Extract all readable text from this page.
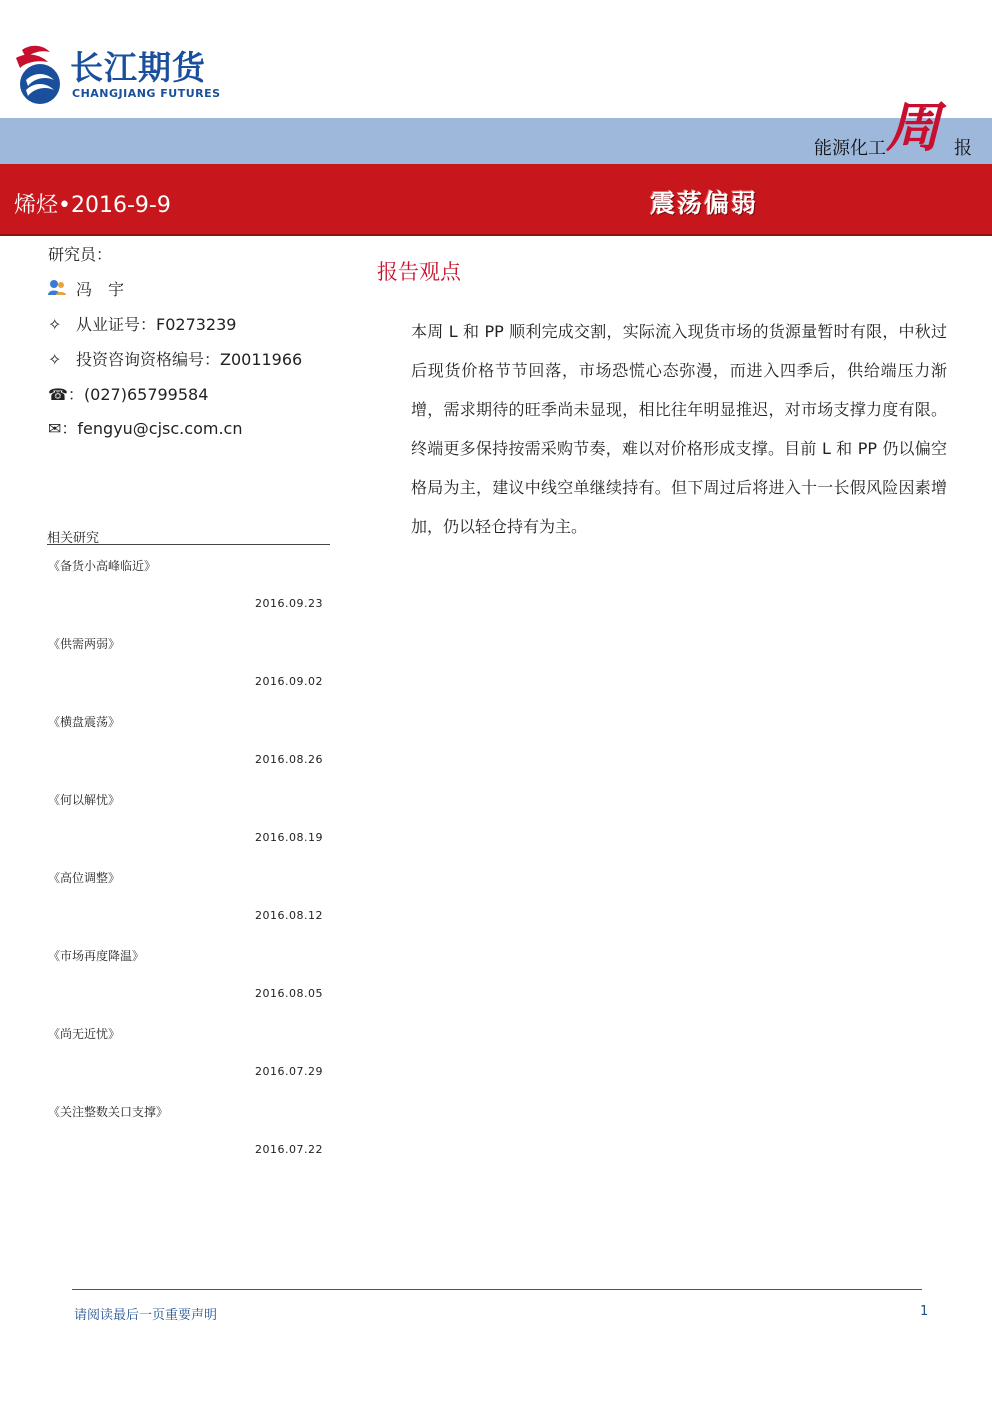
长江期货
CHANGJIANG FUTURES
能源化工 周 报
烯烃•2016-9-9	震荡偏弱
研究员：
冯　宇
✧ 从业证号：F0273239
✧ 投资咨询资格编号：Z0011966
☎：(027)65799584
✉：fengyu@cjsc.com.cn
相关研究
《备货小高峰临近》
2016.09.23
《供需两弱》
2016.09.02
《横盘震荡》
2016.08.26
《何以解忧》
2016.08.19
《高位调整》
2016.08.12
《市场再度降温》
2016.08.05
《尚无近忧》
2016.07.29
《关注整数关口支撑》
2016.07.22
报告观点
本周 L 和 PP 顺利完成交割，实际流入现货市场的货源量暂时有限，中秋过后现货价格节节回落，市场恐慌心态弥漫，而进入四季后，供给端压力渐增，需求期待的旺季尚未显现，相比往年明显推迟，对市场支撑力度有限。终端更多保持按需采购节奏，难以对价格形成支撑。目前 L 和 PP 仍以偏空格局为主，建议中线空单继续持有。但下周过后将进入十一长假风险因素增加，仍以轻仓持有为主。
请阅读最后一页重要声明	1
